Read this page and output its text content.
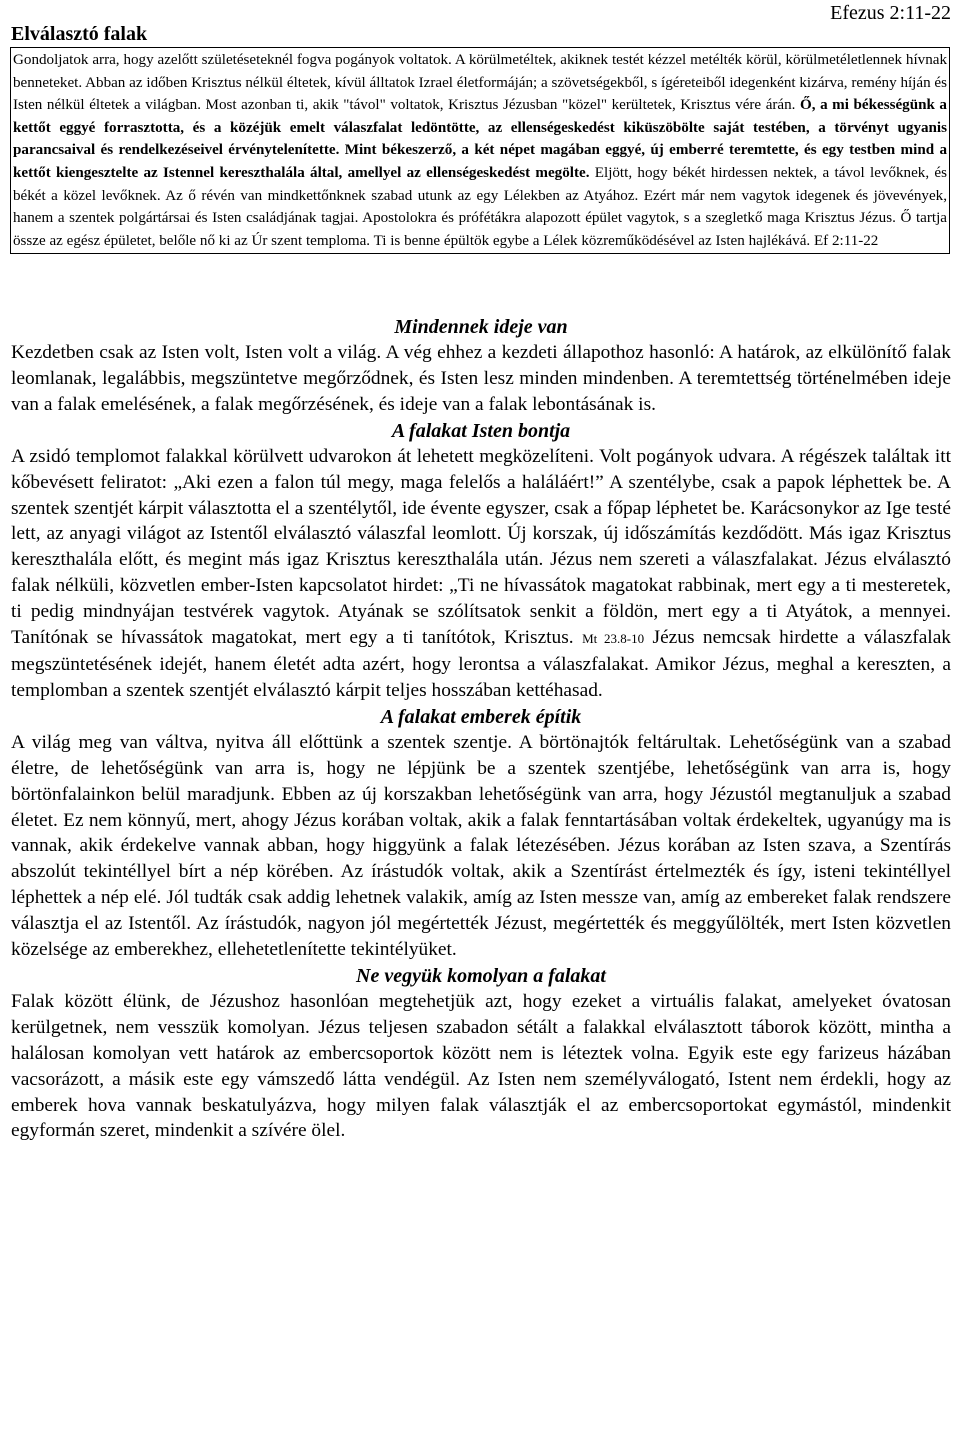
Efezus 2:11-22
Elválasztó falak

Gondoljatok arra, hogy azelőtt születéseteknél fogva pogányok voltatok. A körülmetéltek, akiknek testét kézzel metélték körül, körülmetéletlennek hívnak benneteket. Abban az időben Krisztus nélkül éltetek, kívül álltatok Izrael életformáján; a szövetségekből, s ígéreteiből idegenként kizárva, remény híján és Isten nélkül éltetek a világban. Most azonban ti, akik "távol" voltatok, Krisztus Jézusban "közel" kerültetek, Krisztus vére árán. Ő, a mi békességünk a kettőt eggyé forrasztotta, és a közéjük emelt válaszfalat ledöntötte, az ellenségeskedést kiküszöbölte saját testében, a törvényt ugyanis parancsaival és rendelkezéseivel érvénytelenítette. Mint békeszerző, a két népet magában eggyé, új emberré teremtette, és egy testben mind a kettőt kiengesztelte az Istennel kereszthalála által, amellyel az ellenségeskedést megölte. Eljött, hogy békét hirdessen nektek, a távol levőknek, és békét a közel levőknek. Az ő révén van mindkettőnknek szabad utunk az egy Lélekben az Atyához. Ezért már nem vagytok idegenek és jövevények, hanem a szentek polgártársai és Isten családjának tagjai. Apostolokra és prófétákra alapozott épület vagytok, s a szegletkő maga Krisztus Jézus. Ő tartja össze az egész épületet, belőle nő ki az Úr szent temploma. Ti is benne épültök egybe a Lélek közreműködésével az Isten hajlékává. Ef 2:11-22

Mindennek ideje van

Kezdetben csak az Isten volt, Isten volt a világ. A vég ehhez a kezdeti állapothoz hasonló: A határok, az elkülönítő falak leomlanak, legalábbis, megszüntetve megőrződnek, és Isten lesz minden mindenben. A teremtettség történelmében ideje van a falak emelésének, a falak megőrzésének, és ideje van a falak lebontásának is.

A falakat Isten bontja

A zsidó templomot falakkal körülvett udvarokon át lehetett megközelíteni. Volt pogányok udvara. A régészek találtak itt kőbevésett feliratot: „Aki ezen a falon túl megy, maga felelős a haláláért!” A szentélybe, csak a papok léphettek be. A szentek szentjét kárpit választotta el a szentélytől, ide évente egyszer, csak a főpap léphetet be. Karácsonykor az Ige testé lett, az anyagi világot az Istentől elválasztó válaszfal leomlott. Új korszak, új időszámítás kezdődött. Más igaz Krisztus kereszthalála előtt, és megint más igaz Krisztus kereszthalála után. Jézus nem szereti a válaszfalakat. Jézus elválasztó falak nélküli, közvetlen ember-Isten kapcsolatot hirdet: „Ti ne hívassátok magatokat rabbinak, mert egy a ti mesteretek, ti pedig mindnyájan testvérek vagytok. Atyának se szólítsatok senkit a földön, mert egy a ti Atyátok, a mennyei. Tanítónak se hívassátok magatokat, mert egy a ti tanítótok, Krisztus. Mt 23.8-10 Jézus nemcsak hirdette a válaszfalak megszüntetésének idejét, hanem életét adta azért, hogy lerontsa a válaszfalakat. Amikor Jézus, meghal a kereszten, a templomban a szentek szentjét elválasztó kárpit teljes hosszában kettéhasad.

A falakat emberek építik

A világ meg van váltva, nyitva áll előttünk a szentek szentje. A börtönajtók feltárultak. Lehetőségünk van a szabad életre, de lehetőségünk van arra is, hogy ne lépjünk be a szentek szentjébe, lehetőségünk van arra is, hogy börtönfalainkon belül maradjunk. Ebben az új korszakban lehetőségünk van arra, hogy Jézustól megtanuljuk a szabad életet. Ez nem könnyű, mert, ahogy Jézus korában voltak, akik a falak fenntartásában voltak érdekeltek, ugyanúgy ma is vannak, akik érdekelve vannak abban, hogy higgyünk a falak létezésében. Jézus korában az Isten szava, a Szentírás abszolút tekintéllyel bírt a nép körében. Az írástudók voltak, akik a Szentírást értelmezték és így, isteni tekintéllyel léphettek a nép elé. Jól tudták csak addig lehetnek valakik, amíg az Isten messze van, amíg az embereket falak rendszere választja el az Istentől. Az írástudók, nagyon jól megértették Jézust, megértették és meggyűlölték, mert Isten közvetlen közelsége az emberekhez, ellehetetlenítette tekintélyüket.

Ne vegyük komolyan a falakat

Falak között élünk, de Jézushoz hasonlóan megtehetjük azt, hogy ezeket a virtuális falakat, amelyeket óvatosan kerülgetnek, nem vesszük komolyan. Jézus teljesen szabadon sétált a falakkal elválasztott táborok között, mintha a halálosan komolyan vett határok az embercsoportok között nem is léteztek volna. Egyik este egy farizeus házában vacsorázott, a másik este egy vámszedő látta vendégül. Az Isten nem személyválogató, Istent nem érdekli, hogy az emberek hova vannak beskatulyázva, hogy milyen falak választják el az embercsoportokat egymástól, mindenkit egyformán szeret, mindenkit a szívére ölel.
